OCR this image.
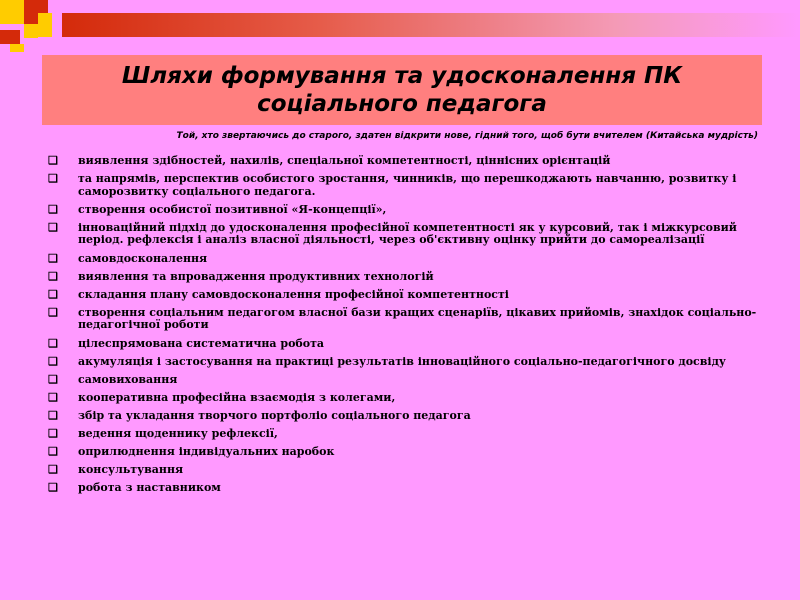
Шляхи формування та удосконалення ПК
соціального педагога
Той, хто звертаючись до старого, здатен відкрити нове, гідний того, щоб бути вчителем (Китайська мудрість)
❑ виявлення здібностей, нахилів, спеціальної компетентності, ціннісних орієнтацій
❑ та напрямів, перспектив особистого зростання, чинників, що перешкоджають навчанню, розвитку і саморозвитку соціального педагога.
❑ створення особистої позитивної «Я-концепції»,
❑ інноваційний підхід до удосконалення професійної компетентності як у курсовий, так і міжкурсовий період. рефлексія і аналіз власної діяльності, через об'єктивну оцінку прийти до самореалізації
❑ самовдосконалення
❑ виявлення та впровадження продуктивних технологій
❑ складання плану самовдосконалення професійної компетентності
❑ створення соціальним педагогом власної бази кращих сценаріїв, цікавих прийомів, знахідок соціально-педагогічної роботи
❑ цілеспрямована систематична робота
❑ акумуляція і застосування на практиці результатів інноваційного соціально-педагогічного досвіду
❑ самовиховання
❑ кооперативна професійна взаємодія з колегами,
❑ збір та укладання творчого портфоліо соціального педагога
❑ ведення щоденнику рефлексії,
❑ оприлюднення індивідуальних наробок
❑ консультування
❑ робота з наставником
